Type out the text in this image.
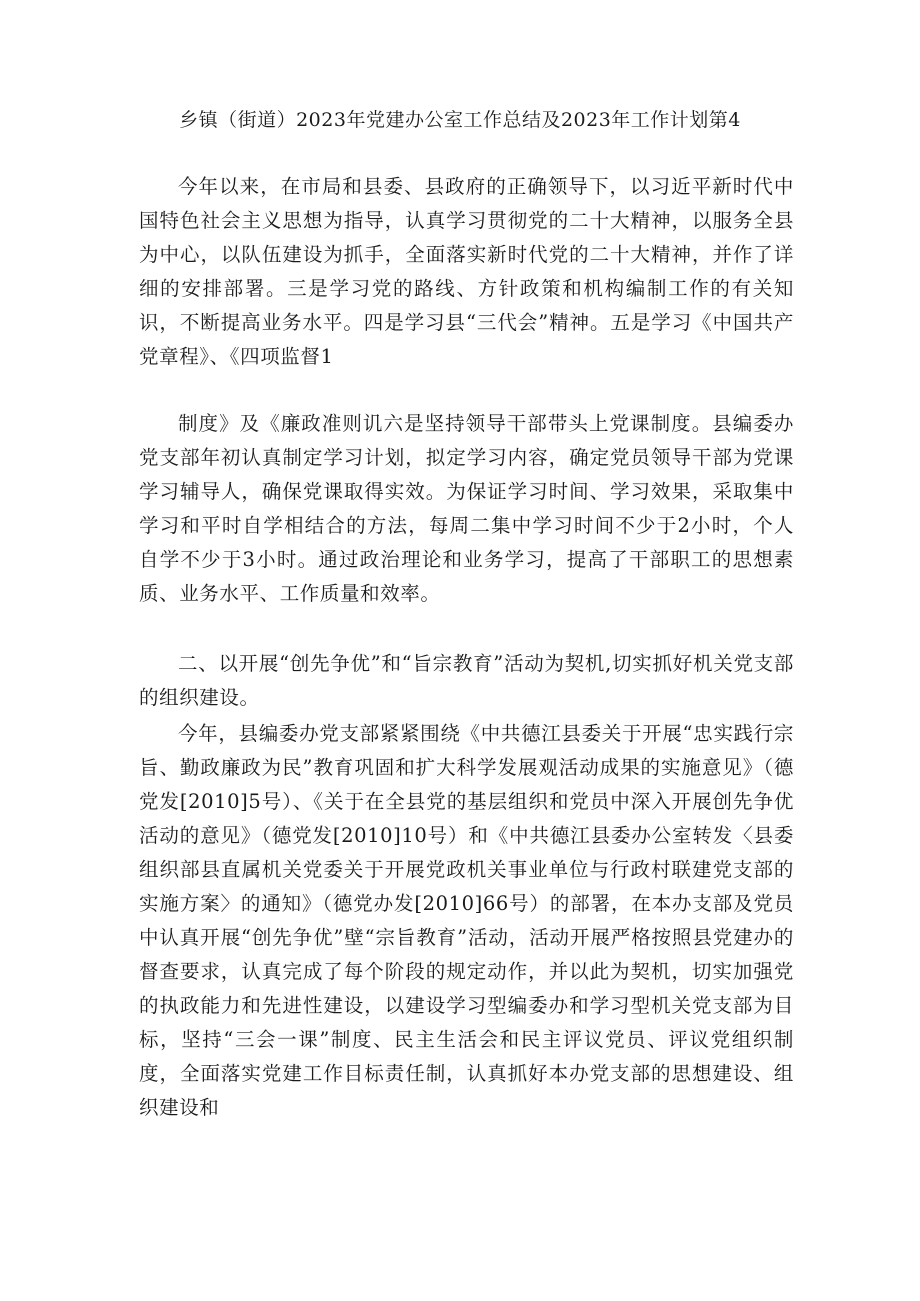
乡镇（街道）2023年党建办公室工作总结及2023年工作计划第4

今年以来，在市局和县委、县政府的正确领导下，以习近平新时代中国特色社会主义思想为指导，认真学习贯彻党的二十大精神，以服务全县为中心，以队伍建设为抓手，全面落实新时代党的二十大精神，并作了详细的安排部署。三是学习党的路线、方针政策和机构编制工作的有关知识，不断提高业务水平。四是学习县“三代会”精神。五是学习《中国共产党章程》、《四项监督1

制度》及《廉政准则讥六是坚持领导干部带头上党课制度。县编委办党支部年初认真制定学习计划，拟定学习内容，确定党员领导干部为党课学习辅导人，确保党课取得实效。为保证学习时间、学习效果，采取集中学习和平时自学相结合的方法，每周二集中学习时间不少于2小时，个人自学不少于3小时。通过政治理论和业务学习，提高了干部职工的思想素质、业务水平、工作质量和效率。

二、以开展“创先争优”和“旨宗教育”活动为契机,切实抓好机关党支部的组织建设。

今年，县编委办党支部紧紧围绕《中共德江县委关于开展“忠实践行宗旨、勤政廉政为民”教育巩固和扩大科学发展观活动成果的实施意见》（德党发[2010]5号）、《关于在全县党的基层组织和党员中深入开展创先争优活动的意见》（德党发[2010]10号）和《中共德江县委办公室转发〈县委组织部县直属机关党委关于开展党政机关事业单位与行政村联建党支部的实施方案〉的通知》（德党办发[2010]66号）的部署，在本办支部及党员中认真开展“创先争优”壁“宗旨教育”活动，活动开展严格按照县党建办的督查要求，认真完成了每个阶段的规定动作，并以此为契机，切实加强党的执政能力和先进性建设，以建设学习型编委办和学习型机关党支部为目标，坚持“三会一课”制度、民主生活会和民主评议党员、评议党组织制度，全面落实党建工作目标责任制，认真抓好本办党支部的思想建设、组织建设和
